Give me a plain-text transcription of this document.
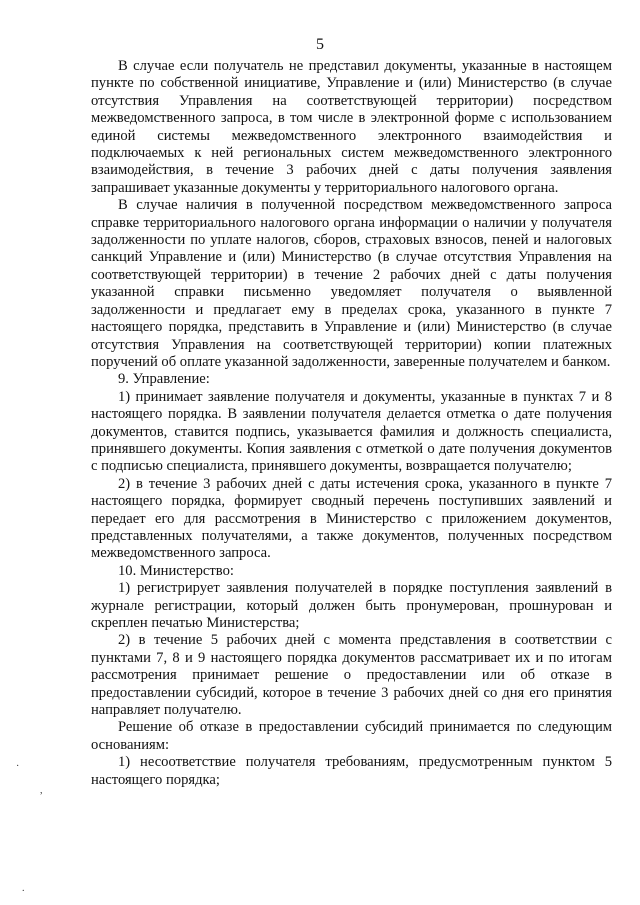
5

В случае если получатель не представил документы, указанные в настоящем пункте по собственной инициативе, Управление и (или) Министерство (в случае отсутствия Управления на соответствующей территории) посредством межведомственного запроса, в том числе в электронной форме с использованием единой системы межведомственного электронного взаимодействия и подключаемых к ней региональных систем межведомственного электронного взаимодействия, в течение 3 рабочих дней с даты получения заявления запрашивает указанные документы у территориального налогового органа.

В случае наличия в полученной посредством межведомственного запроса справке территориального налогового органа информации о наличии у получателя задолженности по уплате налогов, сборов, страховых взносов, пеней и налоговых санкций Управление и (или) Министерство (в случае отсутствия Управления на соответствующей территории) в течение 2 рабочих дней с даты получения указанной справки письменно уведомляет получателя о выявленной задолженности и предлагает ему в пределах срока, указанного в пункте 7 настоящего порядка, представить в Управление и (или) Министерство (в случае отсутствия Управления на соответствующей территории) копии платежных поручений об оплате указанной задолженности, заверенные получателем и банком.

9. Управление:

1) принимает заявление получателя и документы, указанные в пунктах 7 и 8 настоящего порядка. В заявлении получателя делается отметка о дате получения документов, ставится подпись, указывается фамилия и должность специалиста, принявшего документы. Копия заявления с отметкой о дате получения документов с подписью специалиста, принявшего документы, возвращается получателю;

2) в течение 3 рабочих дней с даты истечения срока, указанного в пункте 7 настоящего порядка, формирует сводный перечень поступивших заявлений и передает его для рассмотрения в Министерство с приложением документов, представленных получателями, а также документов, полученных посредством межведомственного запроса.

10. Министерство:

1) регистрирует заявления получателей в порядке поступления заявлений в журнале регистрации, который должен быть пронумерован, прошнурован и скреплен печатью Министерства;

2) в течение 5 рабочих дней с момента представления в соответствии с пунктами 7, 8 и 9 настоящего порядка документов рассматривает их и по итогам рассмотрения принимает решение о предоставлении или об отказе в предоставлении субсидий, которое в течение 3 рабочих дней со дня его принятия направляет получателю.

Решение об отказе в предоставлении субсидий принимается по следующим основаниям:

1) несоответствие получателя требованиям, предусмотренным пунктом 5 настоящего порядка;

·
,
.
